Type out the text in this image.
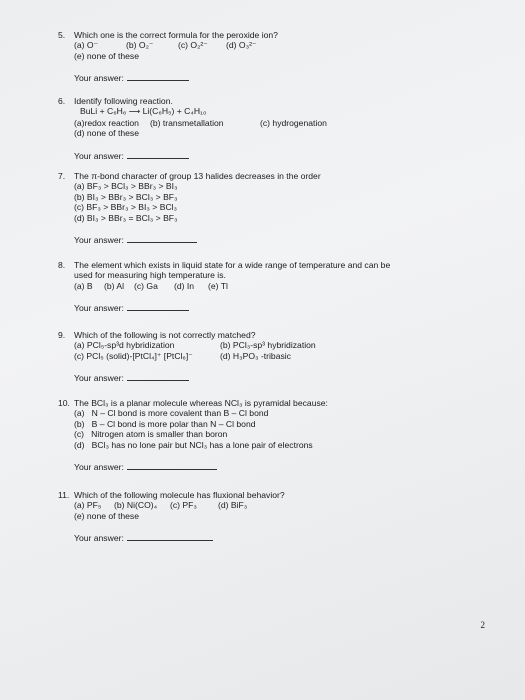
5. Which one is the correct formula for the peroxide ion?
(a) O⁻	(b) O₂⁻	(c) O₂²⁻ (d) O₃²⁻
(e) none of these
Your answer:
6. Identify following reaction.
BuLi + C₆H₆ ⟶ Li(C₆H₅) + C₄H₁₀
(a)redox reaction (b) transmetallation	(c) hydrogenation
(d) none of these
Your answer:
7. The π-bond character of group 13 halides decreases in the order
(a) BF₃ > BCl₃ > BBr₃ > BI₃
(b) BI₃ > BBr₃ > BCl₃ > BF₃
(c) BF₃ > BBr₃ > BI₃ > BCl₃
(d) BI₃ > BBr₃ = BCl₃ > BF₃
Your answer:
8. The element which exists in liquid state for a wide range of temperature and can be
used for measuring high temperature is.
(a) B (b) Al (c) Ga (d) In (e) Tl
Your answer:
9. Which of the following is not correctly matched?
(a) PCl₅-sp³d hybridization	(b) PCl₃-sp³ hybridization
(c) PCl₅ (solid)-[PtCl₄]⁺ [PtCl₆]⁻	(d) H₃PO₃ -tribasic
Your answer:
10. The BCl₃ is a planar molecule whereas NCl₃ is pyramidal because:
(a)   N – Cl bond is more covalent than B – Cl bond
(b)   B – Cl bond is more polar than N – Cl bond
(c)   Nitrogen atom is smaller than boron
(d)   BCl₃ has no lone pair but NCl₃ has a lone pair of electrons
Your answer:
11. Which of the following molecule has fluxional behavior?
(a) PF₅ (b) Ni(CO)₄ (c) PF₃ (d) BiF₃
(e) none of these
Your answer:
2
